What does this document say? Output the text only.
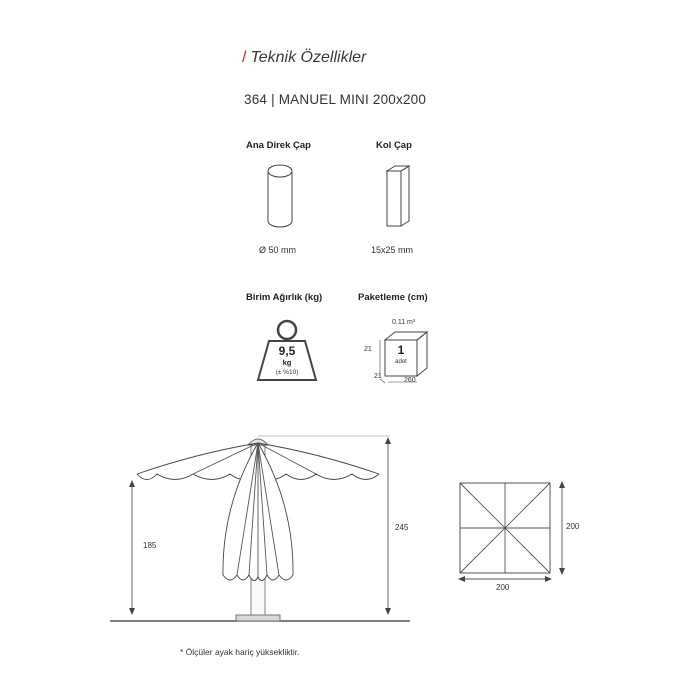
/ Teknik Özellikler
364 | MANUEL MINI 200x200
Ana Direk Çap	Kol Çap
Ø 50 mm	15x25 mm
Birim Ağırlık (kg)	Paketleme (cm)
9,5
kg
(± %10)
0.11 m³
1
adet
21
21
260
185
245	200
200
* Ölçüler ayak hariç yüksekliktir.
